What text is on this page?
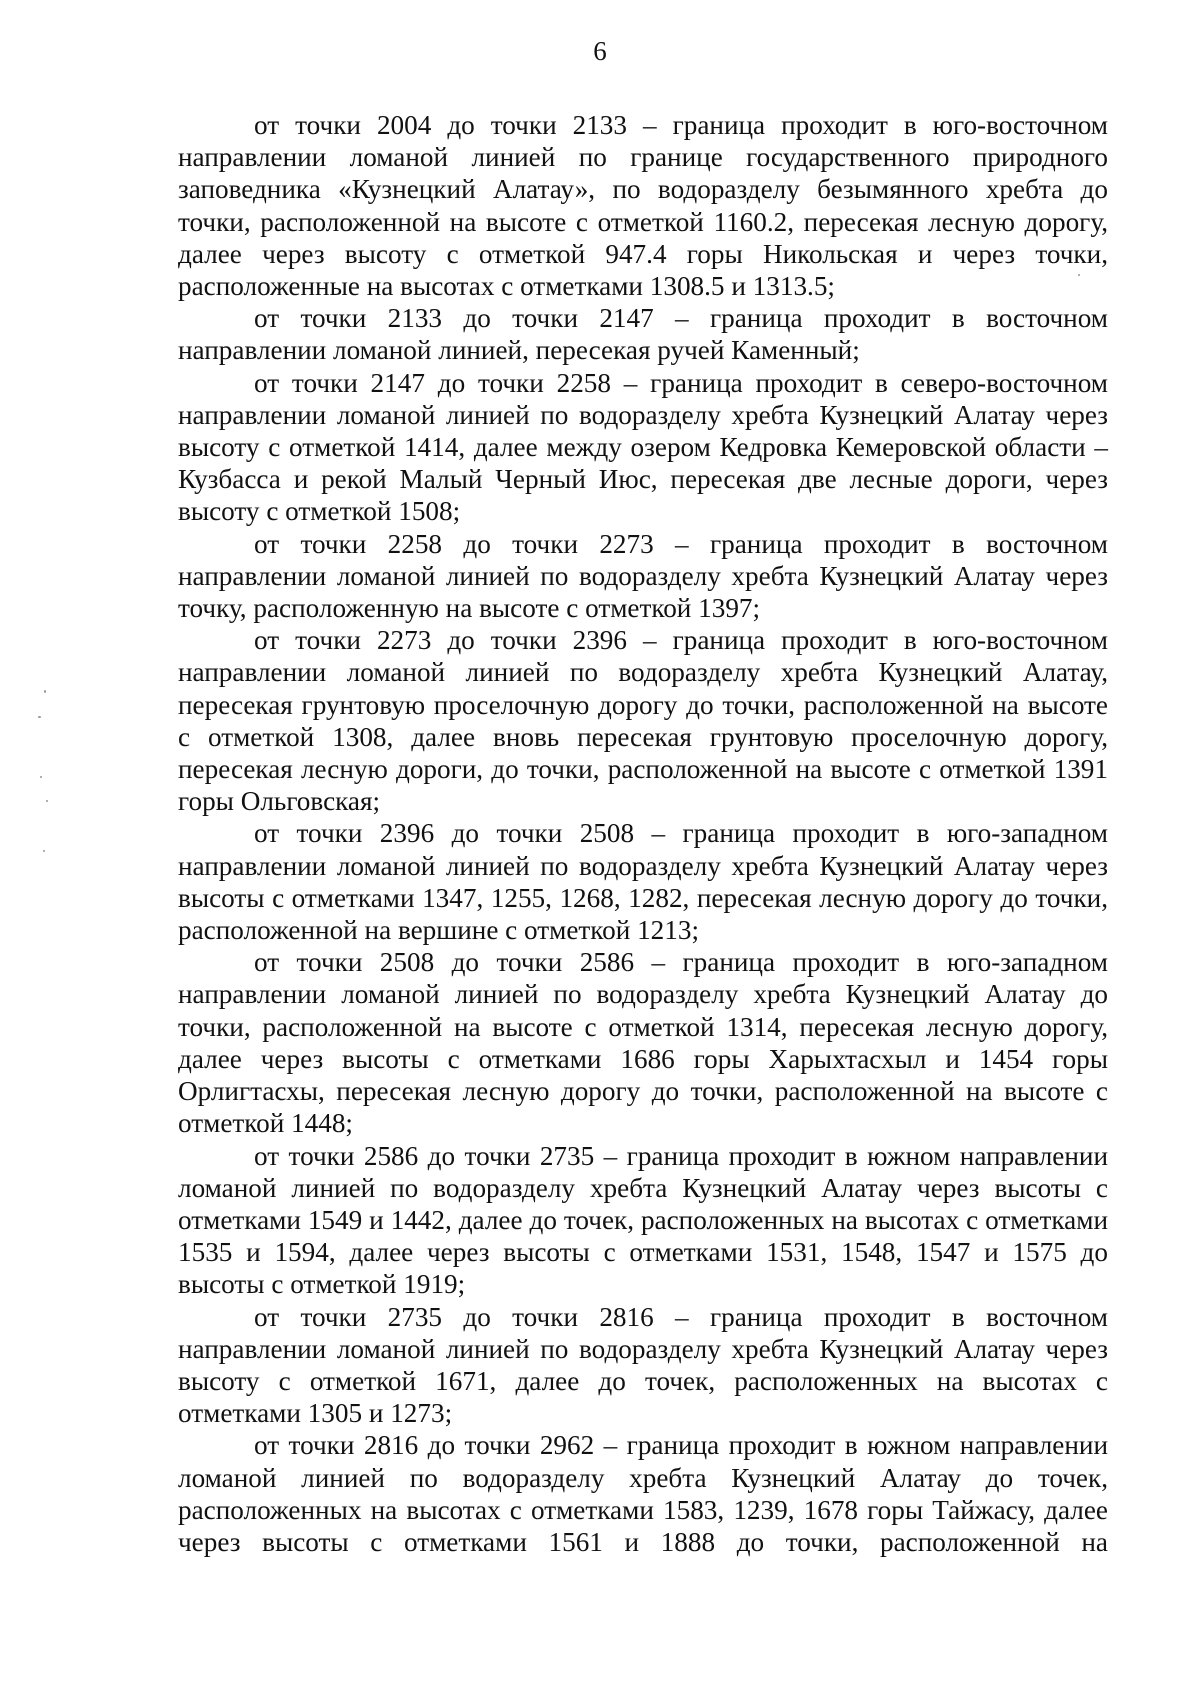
6

от точки 2004 до точки 2133 – граница проходит в юго-восточном направлении ломаной линией по границе государственного природного заповедника «Кузнецкий Алатау», по водоразделу безымянного хребта до точки, расположенной на высоте с отметкой 1160.2, пересекая лесную дорогу, далее через высоту с отметкой 947.4 горы Никольская и через точки, расположенные на высотах с отметками 1308.5 и 1313.5;

от точки 2133 до точки 2147 – граница проходит в восточном направлении ломаной линией, пересекая ручей Каменный;

от точки 2147 до точки 2258 – граница проходит в северо-восточном направлении ломаной линией по водоразделу хребта Кузнецкий Алатау через высоту с отметкой 1414, далее между озером Кедровка Кемеровской области – Кузбасса и рекой Малый Черный Июс, пересекая две лесные дороги, через высоту с отметкой 1508;

от точки 2258 до точки 2273 – граница проходит в восточном направлении ломаной линией по водоразделу хребта Кузнецкий Алатау через точку, расположенную на высоте с отметкой 1397;

от точки 2273 до точки 2396 – граница проходит в юго-восточном направлении ломаной линией по водоразделу хребта Кузнецкий Алатау, пересекая грунтовую проселочную дорогу до точки, расположенной на высоте с отметкой 1308, далее вновь пересекая грунтовую проселочную дорогу, пересекая лесную дороги, до точки, расположенной на высоте с отметкой 1391 горы Ольговская;

от точки 2396 до точки 2508 – граница проходит в юго-западном направлении ломаной линией по водоразделу хребта Кузнецкий Алатау через высоты с отметками 1347, 1255, 1268, 1282, пересекая лесную дорогу до точки, расположенной на вершине с отметкой 1213;

от точки 2508 до точки 2586 – граница проходит в юго-западном направлении ломаной линией по водоразделу хребта Кузнецкий Алатау до точки, расположенной на высоте с отметкой 1314, пересекая лесную дорогу, далее через высоты с отметками 1686 горы Харыхтасхыл и 1454 горы Орлигтасхы, пересекая лесную дорогу до точки, расположенной на высоте с отметкой 1448;

от точки 2586 до точки 2735 – граница проходит в южном направлении ломаной линией по водоразделу хребта Кузнецкий Алатау через высоты с отметками 1549 и 1442, далее до точек, расположенных на высотах с отметками 1535 и 1594, далее через высоты с отметками 1531, 1548, 1547 и 1575 до высоты с отметкой 1919;

от точки 2735 до точки 2816 – граница проходит в восточном направлении ломаной линией по водоразделу хребта Кузнецкий Алатау через высоту с отметкой 1671, далее до точек, расположенных на высотах с отметками 1305 и 1273;

от точки 2816 до точки 2962 – граница проходит в южном направлении ломаной линией по водоразделу хребта Кузнецкий Алатау до точек, расположенных на высотах с отметками 1583, 1239, 1678 горы Тайжасу, далее через высоты с отметками 1561 и 1888 до точки, расположенной на
